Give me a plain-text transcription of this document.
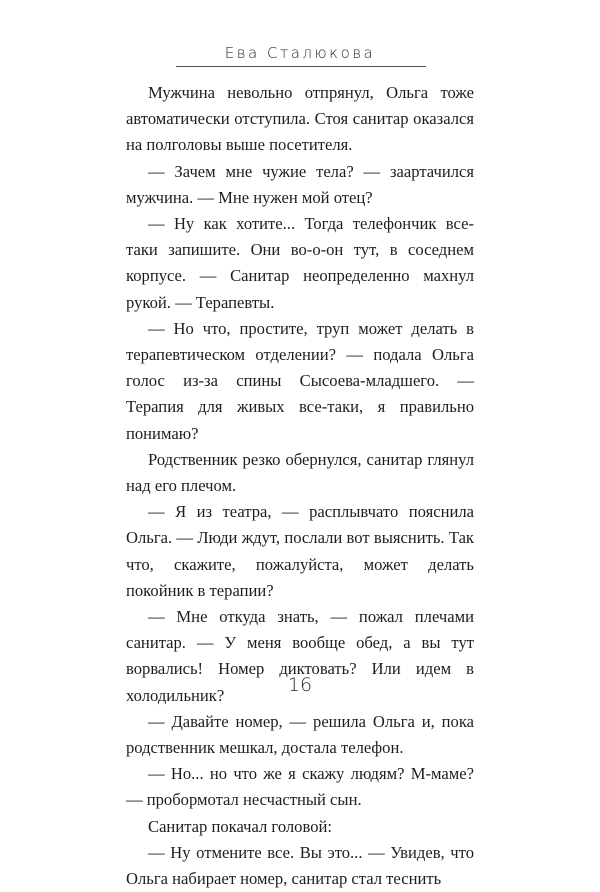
Ева Сталюкова

Мужчина невольно отпрянул, Ольга тоже автоматически отступила. Стоя санитар оказался на полголовы выше посетителя.

— Зачем мне чужие тела? — заартачился мужчина. — Мне нужен мой отец?

— Ну как хотите... Тогда телефончик все-таки запишите. Они во-о-он тут, в соседнем корпусе. — Санитар неопределенно махнул рукой. — Терапевты.

— Но что, простите, труп может делать в терапевтическом отделении? — подала Ольга голос из-за спины Сысоева-младшего. — Терапия для живых все-таки, я правильно понимаю?

Родственник резко обернулся, санитар глянул над его плечом.

— Я из театра, — расплывчато пояснила Ольга. — Люди ждут, послали вот выяснить. Так что, скажите, пожалуйста, может делать покойник в терапии?

— Мне откуда знать, — пожал плечами санитар. — У меня вообще обед, а вы тут ворвались! Номер диктовать? Или идем в холодильник?

— Давайте номер, — решила Ольга и, пока родственник мешкал, достала телефон.

— Но... но что же я скажу людям? М-маме? — пробормотал несчастный сын.

Санитар покачал головой:

— Ну отмените все. Вы это... — Увидев, что Ольга набирает номер, санитар стал теснить

16
